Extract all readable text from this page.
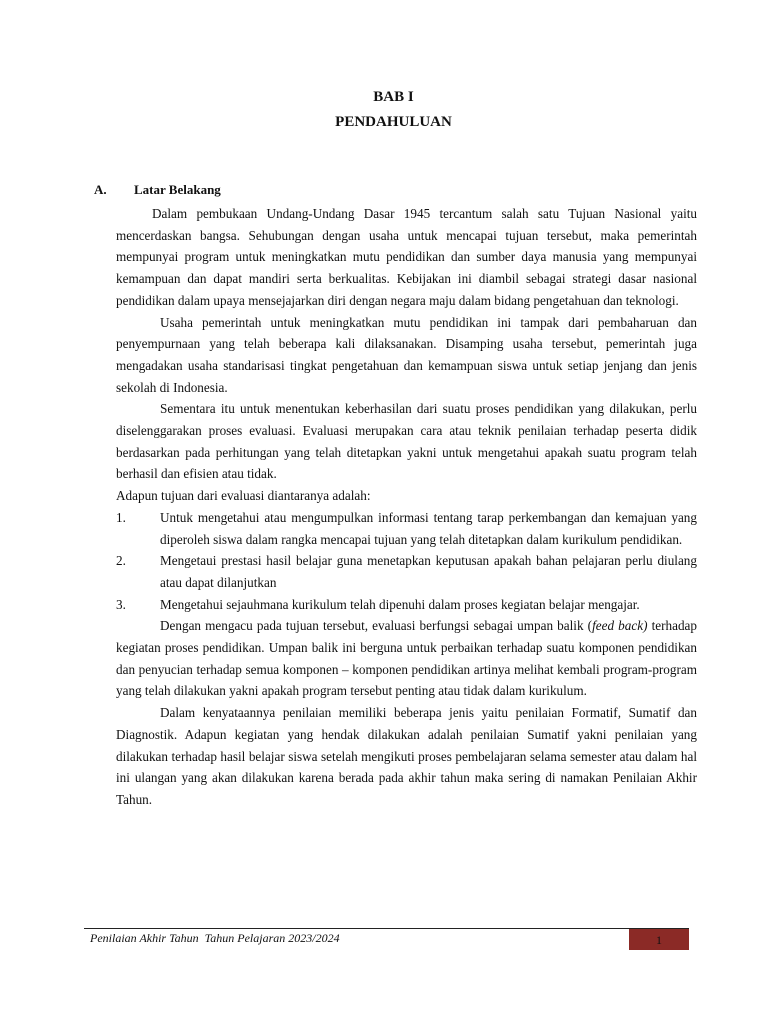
BAB I
PENDAHULUAN
A. Latar Belakang

Dalam pembukaan Undang-Undang Dasar 1945 tercantum salah satu Tujuan Nasional yaitu mencerdaskan bangsa. Sehubungan dengan usaha untuk mencapai tujuan tersebut, maka pemerintah mempunyai program untuk meningkatkan mutu pendidikan dan sumber daya manusia yang mempunyai kemampuan dan dapat mandiri serta berkualitas. Kebijakan ini diambil sebagai strategi dasar nasional pendidikan dalam upaya mensejajarkan diri dengan negara maju dalam bidang pengetahuan dan teknologi.

Usaha pemerintah untuk meningkatkan mutu pendidikan ini tampak dari pembaharuan dan penyempurnaan yang telah beberapa kali dilaksanakan. Disamping usaha tersebut, pemerintah juga mengadakan usaha standarisasi tingkat pengetahuan dan kemampuan siswa untuk setiap jenjang dan jenis sekolah di Indonesia.

Sementara itu untuk menentukan keberhasilan dari suatu proses pendidikan yang dilakukan, perlu diselenggarakan proses evaluasi. Evaluasi merupakan cara atau teknik penilaian terhadap peserta didik berdasarkan pada perhitungan yang telah ditetapkan yakni untuk mengetahui apakah suatu program telah berhasil dan efisien atau tidak.

Adapun tujuan dari evaluasi diantaranya adalah:

1.	Untuk mengetahui atau mengumpulkan informasi tentang tarap perkembangan dan kemajuan yang diperoleh siswa dalam rangka mencapai tujuan yang telah ditetapkan dalam kurikulum pendidikan.
2.	Mengetaui prestasi hasil belajar guna menetapkan keputusan apakah bahan pelajaran perlu diulang atau dapat dilanjutkan
3.	Mengetahui sejauhmana kurikulum telah dipenuhi dalam proses kegiatan belajar mengajar.

Dengan mengacu pada tujuan tersebut, evaluasi berfungsi sebagai umpan balik (feed back) terhadap kegiatan proses pendidikan. Umpan balik ini berguna untuk perbaikan terhadap suatu komponen pendidikan dan penyucian terhadap semua komponen – komponen pendidikan artinya melihat kembali program-program yang telah dilakukan yakni apakah program tersebut penting atau tidak dalam kurikulum.

Dalam kenyataannya penilaian memiliki beberapa jenis yaitu penilaian Formatif, Sumatif dan Diagnostik. Adapun kegiatan yang hendak dilakukan adalah penilaian Sumatif yakni penilaian yang dilakukan terhadap hasil belajar siswa setelah mengikuti proses pembelajaran selama semester atau dalam hal ini ulangan yang akan dilakukan karena berada pada akhir tahun maka sering di namakan Penilaian Akhir Tahun.

Penilaian Akhir Tahun  Tahun Pelajaran 2023/2024	1
